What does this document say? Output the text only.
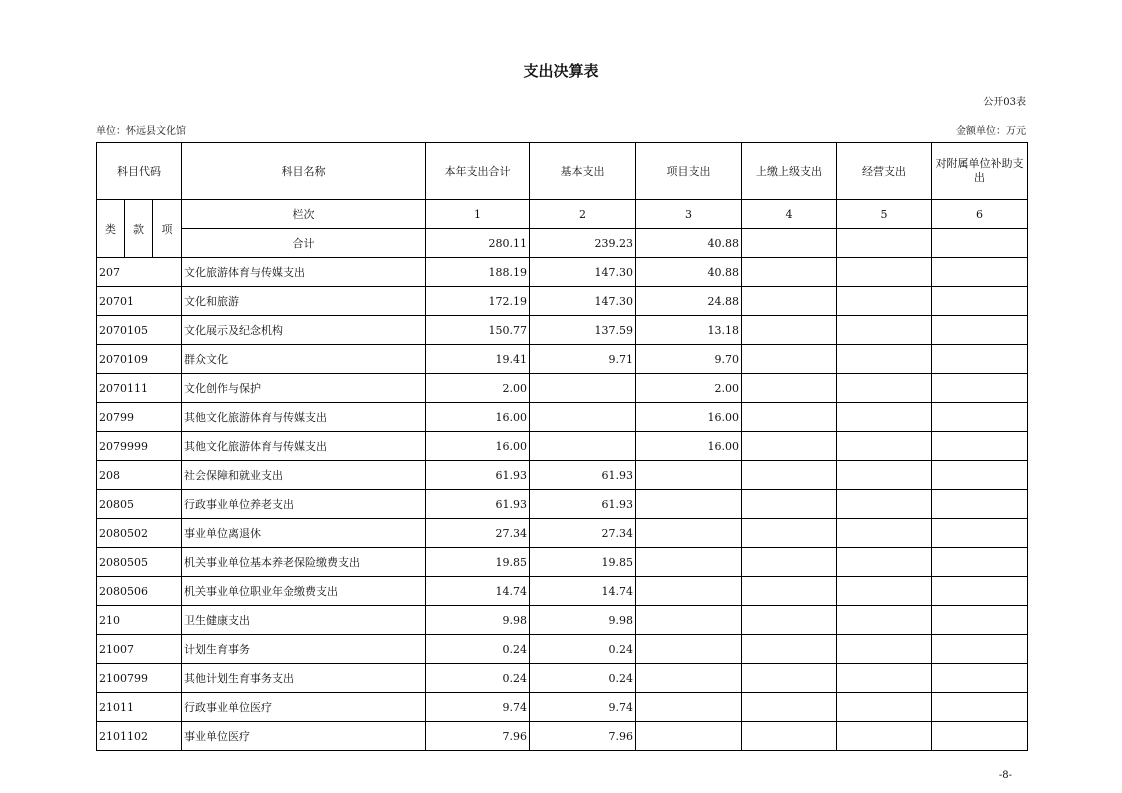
支出决算表
公开03表
单位：怀远县文化馆	金额单位：万元
科目代码			科目名称	本年支出合计	基本支出	项目支出	上缴上级支出	经营支出	对附属单位补助支出
类	款	项	栏次	1	2	3	4	5	6
			合计	280.11	239.23	40.88			
207			文化旅游体育与传媒支出	188.19	147.30	40.88			
20701			文化和旅游	172.19	147.30	24.88			
2070105			文化展示及纪念机构	150.77	137.59	13.18			
2070109			群众文化	19.41	9.71	9.70			
2070111			文化创作与保护	2.00		2.00			
20799			其他文化旅游体育与传媒支出	16.00		16.00			
2079999			其他文化旅游体育与传媒支出	16.00		16.00			
208			社会保障和就业支出	61.93	61.93				
20805			行政事业单位养老支出	61.93	61.93				
2080502			事业单位离退休	27.34	27.34				
2080505			机关事业单位基本养老保险缴费支出	19.85	19.85				
2080506			机关事业单位职业年金缴费支出	14.74	14.74				
210			卫生健康支出	9.98	9.98				
21007			计划生育事务	0.24	0.24				
2100799			其他计划生育事务支出	0.24	0.24				
21011			行政事业单位医疗	9.74	9.74				
2101102			事业单位医疗	7.96	7.96				
-8-
